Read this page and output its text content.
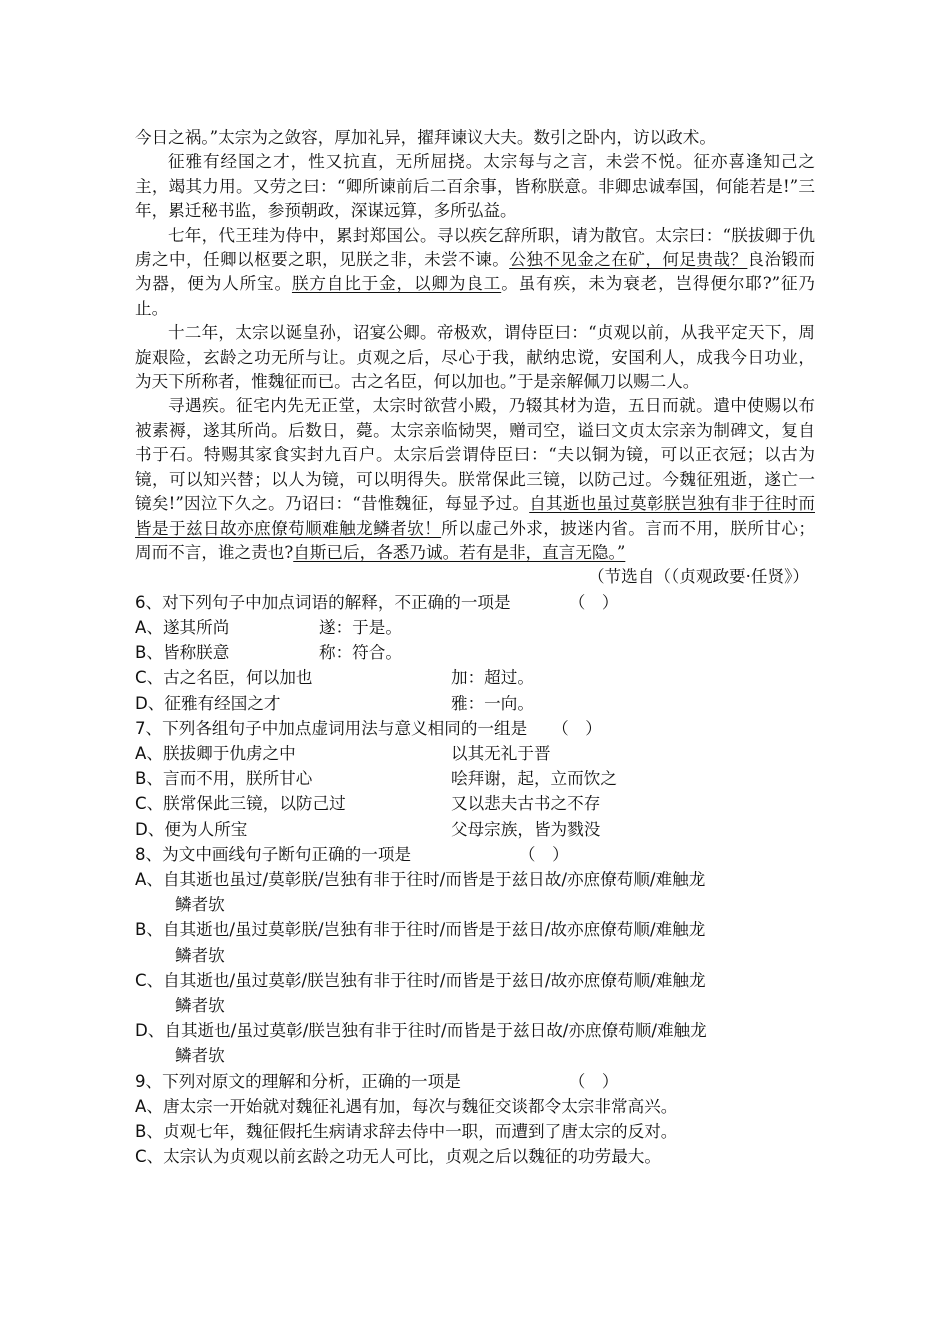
今日之祸。”太宗为之敛容，厚加礼异，擢拜谏议大夫。数引之卧内，访以政术。

征雅有经国之才，性又抗直，无所屈挠。太宗每与之言，未尝不悦。征亦喜逢知己之主，竭其力用。又劳之曰：“卿所谏前后二百余事，皆称朕意。非卿忠诚奉国，何能若是!”三年，累迁秘书监，参预朝政，深谋远算，多所弘益。

七年，代王珪为侍中，累封郑国公。寻以疾乞辞所职，请为散官。太宗曰：“朕拔卿于仇虏之中，任卿以枢要之职，见朕之非，未尝不谏。公独不见金之在矿，何足贵哉？良治锻而为器，便为人所宝。朕方自比于金，以卿为良工。虽有疾，未为衰老，岂得便尔耶?”征乃止。

十二年，太宗以诞皇孙，诏宴公卿。帝极欢，谓侍臣曰：“贞观以前，从我平定天下，周旋艰险，玄龄之功无所与让。贞观之后，尽心于我，献纳忠谠，安国利人，成我今日功业，为天下所称者，惟魏征而已。古之名臣，何以加也。”于是亲解佩刀以赐二人。

寻遇疾。征宅内先无正堂，太宗时欲营小殿，乃辍其材为造，五日而就。遣中使赐以布被素褥，遂其所尚。后数日，薨。太宗亲临恸哭，赠司空，谥曰文贞太宗亲为制碑文，复自书于石。特赐其家食实封九百户。太宗后尝谓侍臣曰：“夫以铜为镜，可以正衣冠；以古为镜，可以知兴替；以人为镜，可以明得失。朕常保此三镜，以防己过。今魏征殂逝，遂亡一镜矣!”因泣下久之。乃诏曰：“昔惟魏征，每显予过。自其逝也虽过莫彰朕岂独有非于往时而皆是于兹日故亦庶僚苟顺难触龙鳞者欤！所以虚己外求，披迷内省。言而不用，朕所甘心；周而不言，谁之责也?自斯已后，各悉乃诚。若有是非，直言无隐。”

（节选自（（贞观政要·任贤》）

6、对下列句子中加点词语的解释，不正确的一项是　　　　（　）

A、遂其所尚	遂：于是。
B、皆称朕意	称：符合。
C、古之名臣，何以加也	加：超过。
D、征雅有经国之才	雅：一向。

7、下列各组句子中加点虚词用法与意义相同的一组是　　（　）

A、朕拔卿于仇虏之中	以其无礼于晋
B、言而不用，朕所甘心	哙拜谢，起，立而饮之
C、朕常保此三镜，以防己过	又以悲夫古书之不存
D、便为人所宝	父母宗族，皆为戮没

8、为文中画线句子断句正确的一项是　　　　　　　（　）

A、自其逝也虽过/莫彰朕/岂独有非于往时/而皆是于兹日故/亦庶僚苟顺/难触龙

鳞者欤

B、自其逝也/虽过莫彰朕/岂独有非于往时/而皆是于兹日/故亦庶僚苟顺/难触龙

鳞者欤

C、自其逝也/虽过莫彰/朕岂独有非于往时/而皆是于兹日/故亦庶僚苟顺/难触龙

鳞者欤

D、自其逝也/虽过莫彰/朕岂独有非于往时/而皆是于兹日故/亦庶僚苟顺/难触龙

鳞者欤

9、下列对原文的理解和分析，正确的一项是　　　　　　　（　）

A、唐太宗一开始就对魏征礼遇有加，每次与魏征交谈都令太宗非常高兴。

B、贞观七年，魏征假托生病请求辞去侍中一职，而遭到了唐太宗的反对。

C、太宗认为贞观以前玄龄之功无人可比，贞观之后以魏征的功劳最大。
